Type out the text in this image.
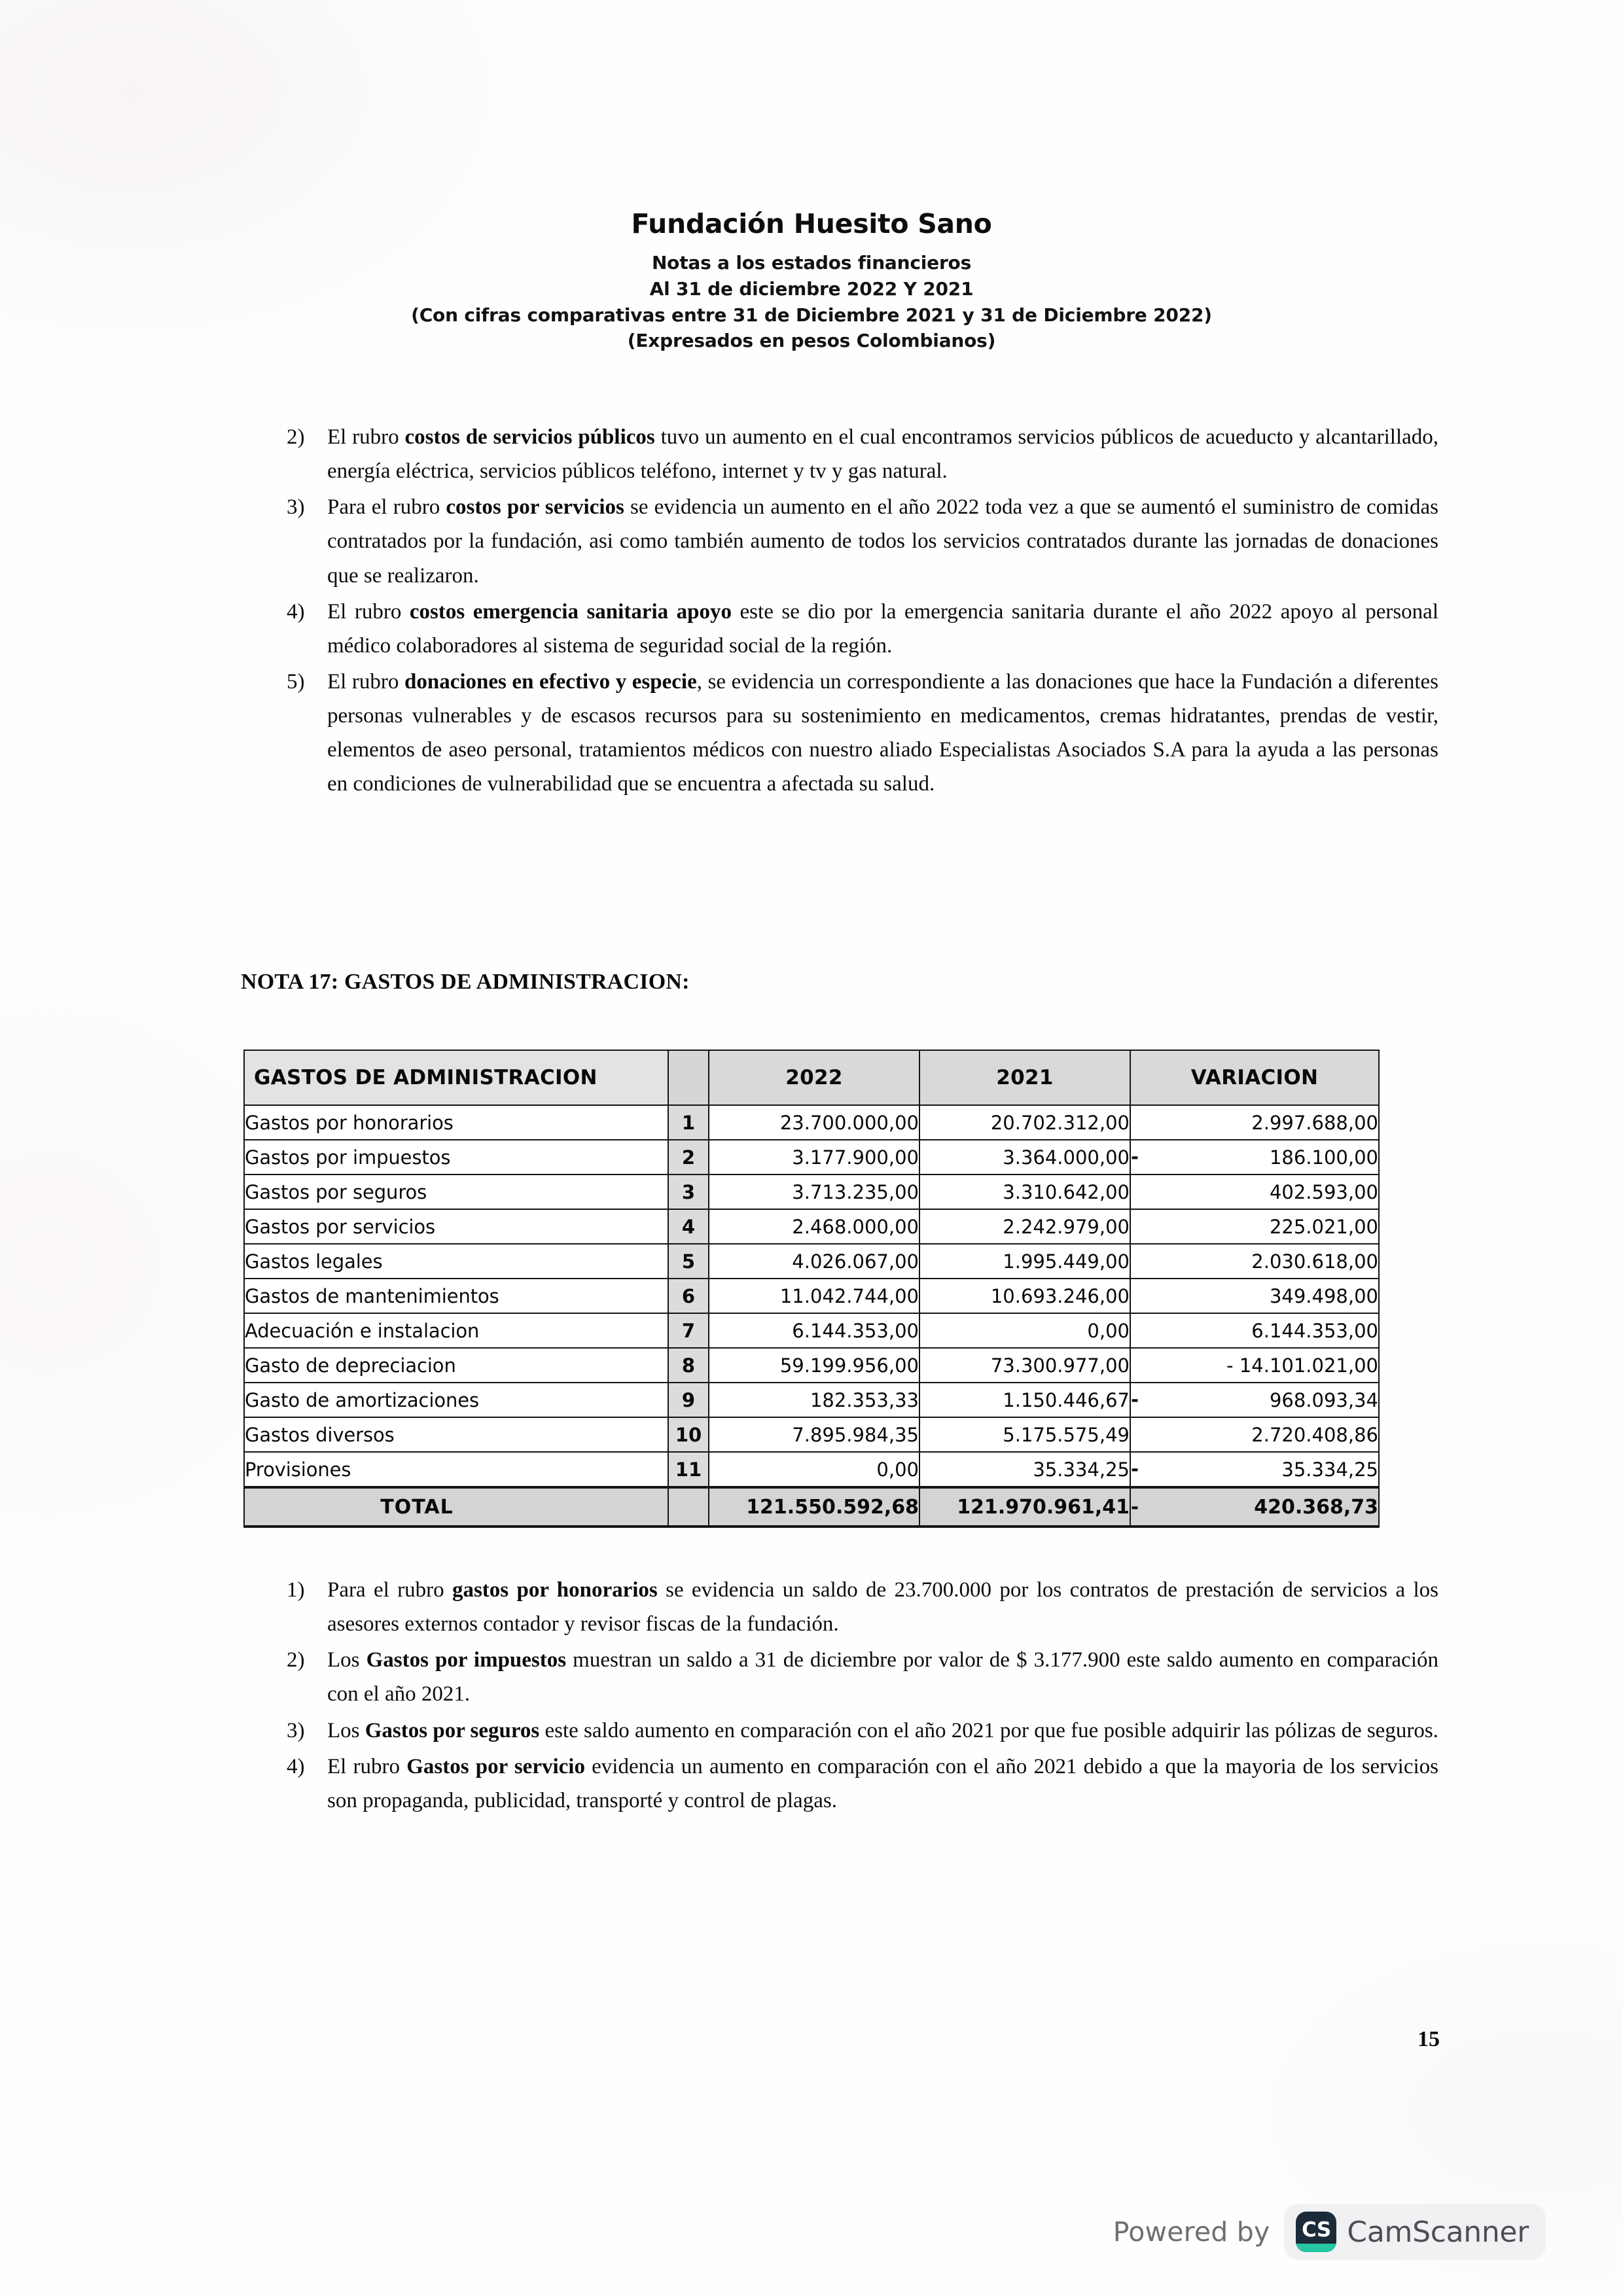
Fundación Huesito Sano
Notas a los estados financieros
Al 31 de diciembre 2022 Y 2021
(Con cifras comparativas entre 31 de Diciembre 2021 y 31 de Diciembre 2022)
(Expresados en pesos Colombianos)
2)	El rubro costos de servicios públicos tuvo un aumento en el cual encontramos servicios públicos de acueducto y alcantarillado, energía eléctrica, servicios públicos teléfono, internet y tv y gas natural.
3)	Para el rubro costos por servicios se evidencia un aumento en el año 2022 toda vez a que se aumentó el suministro de comidas contratados por la fundación, asi como también aumento de todos los servicios contratados durante las jornadas de donaciones que se realizaron.
4)	El rubro costos emergencia sanitaria apoyo este se dio por la emergencia sanitaria durante el año 2022 apoyo al personal médico colaboradores al sistema de seguridad social de la región.
5)	El rubro donaciones en efectivo y especie, se evidencia un correspondiente a las donaciones que hace la Fundación a diferentes personas vulnerables y de escasos recursos para su sostenimiento en medicamentos, cremas hidratantes, prendas de vestir, elementos de aseo personal, tratamientos médicos con nuestro aliado Especialistas Asociados S.A para la ayuda a las personas en condiciones de vulnerabilidad que se encuentra a afectada su salud.
NOTA 17: GASTOS DE ADMINISTRACION:
GASTOS DE ADMINISTRACION		2022	2021	VARIACION
Gastos por honorarios	1	23.700.000,00	20.702.312,00	2.997.688,00

Gastos por impuestos	2	3.177.900,00	3.364.000,00	- 186.100,00

Gastos por seguros	3	3.713.235,00	3.310.642,00	402.593,00

Gastos por servicios	4	2.468.000,00	2.242.979,00	225.021,00

Gastos legales	5	4.026.067,00	1.995.449,00	2.030.618,00

Gastos de mantenimientos	6	11.042.744,00	10.693.246,00	349.498,00

Adecuación e instalacion	7	6.144.353,00	0,00	6.144.353,00

Gasto de depreciacion	8	59.199.956,00	73.300.977,00	- 14.101.021,00

Gasto de amortizaciones	9	182.353,33	1.150.446,67	- 968.093,34

Gastos diversos	10	7.895.984,35	5.175.575,49	2.720.408,86

Provisiones	11	0,00	35.334,25	- 35.334,25

TOTAL		121.550.592,68	121.970.961,41	- 420.368,73
1)	Para el rubro gastos por honorarios se evidencia un saldo de 23.700.000 por los contratos de prestación de servicios a los asesores externos contador y revisor fiscas de la fundación.
2)	Los Gastos por impuestos muestran un saldo a 31 de diciembre por valor de $ 3.177.900 este saldo aumento en comparación con el año 2021.
3)	Los Gastos por seguros este saldo aumento en comparación con el año 2021 por que fue posible adquirir las pólizas de seguros.
4)	El rubro Gastos por servicio evidencia un aumento en comparación con el año 2021 debido a que la mayoria de los servicios son propaganda, publicidad, transporté y control de plagas.
15
Powered by	CS CamScanner
